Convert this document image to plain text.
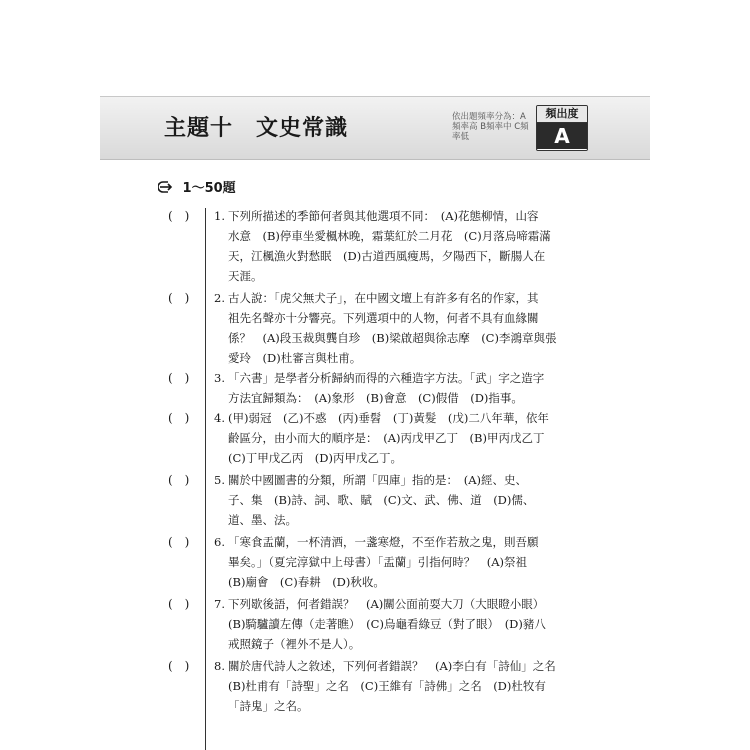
主題十　文史常識	依出題頻率分為：A頻率高 B頻率中 C頻率低
頻出度
A
1～50題
(　)	1. 下列所描述的季節何者與其他選項不同：　(A)花態柳情，山容
水意　(B)停車坐愛楓林晚，霜葉紅於二月花　(C)月落烏啼霜滿
天，江楓漁火對愁眠　(D)古道西風瘦馬，夕陽西下，斷腸人在
天涯。
(　)	2. 古人說：「虎父無犬子」，在中國文壇上有許多有名的作家，其
祖先名聲亦十分響亮。下列選項中的人物，何者不具有血緣關
係？　(A)段玉裁與龔自珍　(B)梁啟超與徐志摩　(C)李鴻章與張
愛玲　(D)杜審言與杜甫。
(　)	3. 「六書」是學者分析歸納而得的六種造字方法。「武」字之造字
方法宜歸類為：　(A)象形　(B)會意　(C)假借　(D)指事。
(　)	4. (甲)弱冠　(乙)不惑　(丙)垂髫　(丁)黃髮　(戊)二八年華，依年
齡區分，由小而大的順序是：　(A)丙戊甲乙丁　(B)甲丙戊乙丁
(C)丁甲戊乙丙　(D)丙甲戊乙丁。
(　)	5. 關於中國圖書的分類，所謂「四庫」指的是：　(A)經、史、
子、集　(B)詩、詞、歌、賦　(C)文、武、佛、道　(D)儒、
道、墨、法。
(　)	6. 「寒食盂蘭，一杯清酒，一盞寒燈，不至作若敖之鬼，則吾願
畢矣。」（夏完淳獄中上母書）「盂蘭」引指何時？　(A)祭祖
(B)廟會　(C)春耕　(D)秋收。
(　)	7. 下列歇後語，何者錯誤？　(A)關公面前耍大刀（大眼瞪小眼）
(B)騎驢讀左傳（走著瞧）　(C)烏龜看綠豆（對了眼）　(D)豬八
戒照鏡子（裡外不是人）。
(　)	8. 關於唐代詩人之敘述，下列何者錯誤？　(A)李白有「詩仙」之名
(B)杜甫有「詩聖」之名　(C)王維有「詩佛」之名　(D)杜牧有
「詩鬼」之名。
